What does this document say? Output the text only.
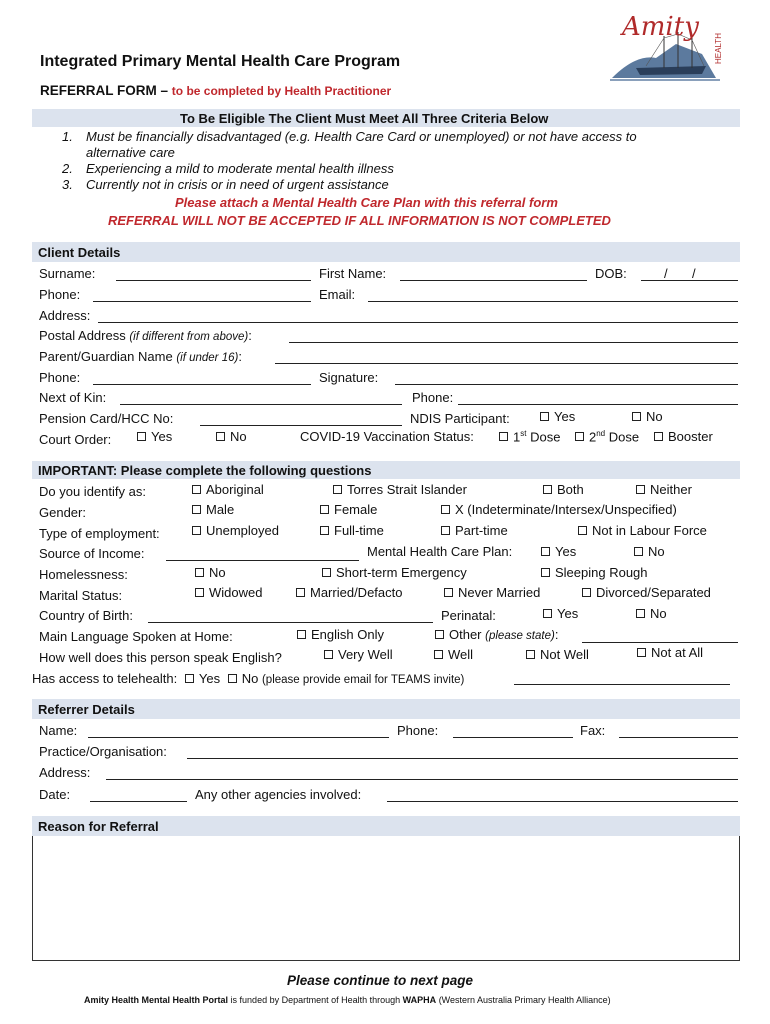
Integrated Primary Mental Health Care Program
REFERRAL FORM – to be completed by Health Practitioner
Amity
HEALTH
To Be Eligible The Client Must Meet All Three Criteria Below
1. Must be financially disadvantaged (e.g. Health Care Card or unemployed) or not have access to
alternative care
2. Experiencing a mild to moderate mental health illness
3. Currently not in crisis or in need of urgent assistance
Please attach a Mental Health Care Plan with this referral form
REFERRAL WILL NOT BE ACCEPTED IF ALL INFORMATION IS NOT COMPLETED
Client Details
Surname:	First Name:	DOB:	/ /
Phone:	Email:
Address:
Postal Address (if different from above):
Parent/Guardian Name (if under 16):
Phone:	Signature:
Next of Kin:	Phone:
Pension Card/HCC No:	NDIS Participant:	Yes	No
Court Order:	Yes	No	COVID-19 Vaccination Status:	1st Dose	2nd Dose	Booster
IMPORTANT: Please complete the following questions
Do you identify as:	Aboriginal	Torres Strait Islander	Both	Neither
Gender:	Male	Female	X (Indeterminate/Intersex/Unspecified)
Type of employment:	Unemployed	Full-time	Part-time	Not in Labour Force
Source of Income:	Mental Health Care Plan:	Yes	No
Homelessness:	No	Short-term Emergency	Sleeping Rough
Marital Status:	Widowed	Married/Defacto	Never Married	Divorced/Separated
Country of Birth:	Perinatal:	Yes	No
Main Language Spoken at Home:	English Only	Other (please state):
How well does this person speak English?	Very Well	Well	Not Well	Not at All
Has access to telehealth: Yes No (please provide email for TEAMS invite)
Referrer Details
Name:	Phone:	Fax:
Practice/Organisation:
Address:
Date:	Any other agencies involved:
Reason for Referral
Please continue to next page
Amity Health Mental Health Portal is funded by Department of Health through WAPHA (Western Australia Primary Health Alliance)
